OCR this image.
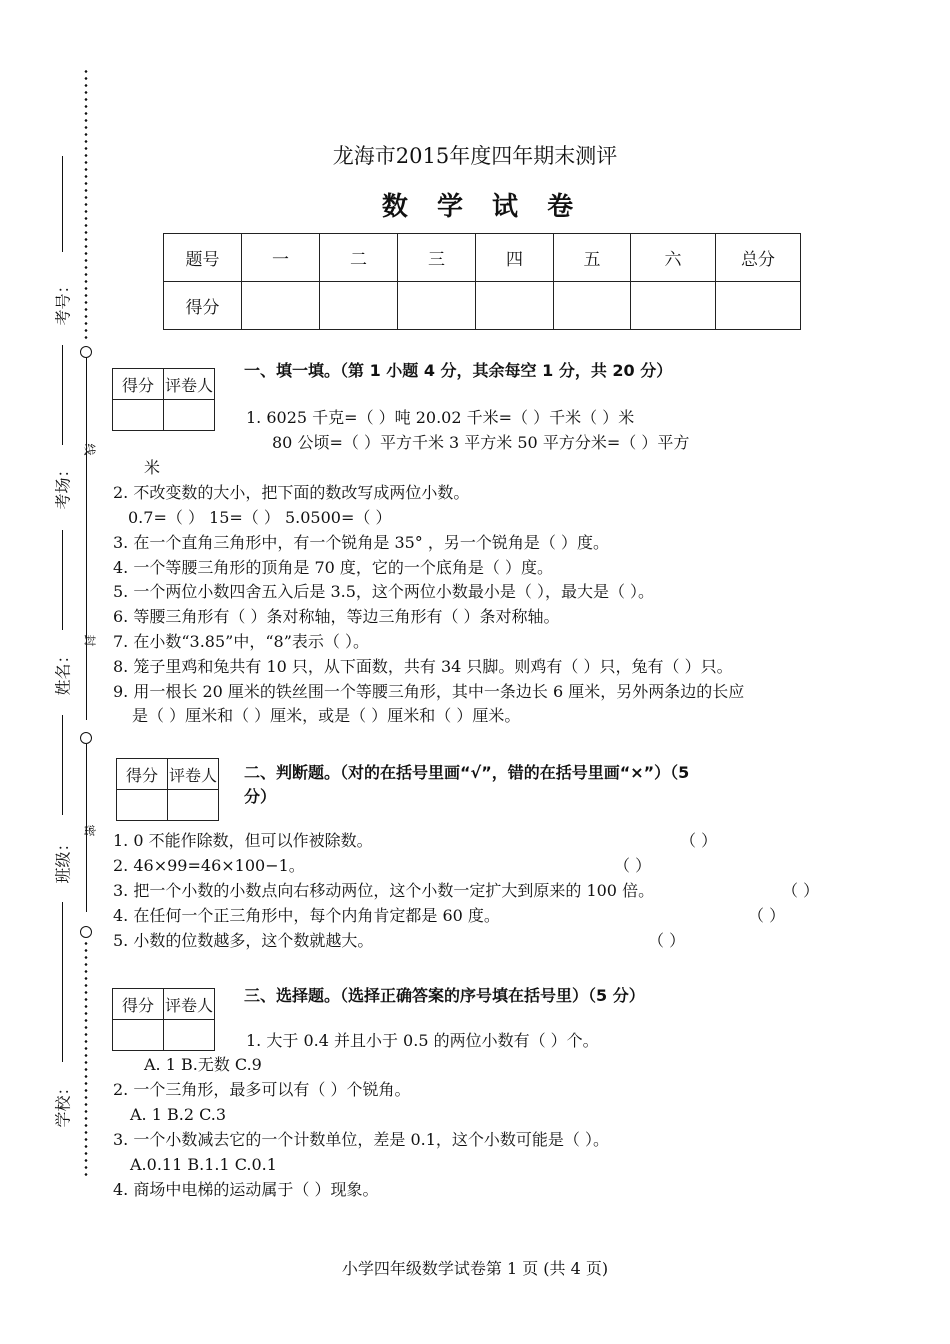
线
封
密
考号：
考场：
姓名：
班级：
学校：
龙海市2015年度四年期末测评
数 学 试 卷
题号	一	二	三	四	五	六	总分
得分							
得分	评卷人

一、填一填。（第 1 小题 4 分，其余每空 1 分，共 20 分）
1. 6025 千克=（ ）吨 20.02 千米=（ ）千米（ ）米
80 公顷=（ ）平方千米 3 平方米 50 平方分米=（ ）平方
米
2. 不改变数的大小，把下面的数改写成两位小数。
0.7=（ ） 15=（ ） 5.0500=（ ）
3. 在一个直角三角形中，有一个锐角是 35° ，另一个锐角是（ ）度。
4. 一个等腰三角形的顶角是 70 度，它的一个底角是（ ）度。
5. 一个两位小数四舍五入后是 3.5，这个两位小数最小是（ ），最大是（ ）。
6. 等腰三角形有（ ）条对称轴，等边三角形有（ ）条对称轴。
7. 在小数“3.85”中，“8”表示（ ）。
8. 笼子里鸡和兔共有 10 只，从下面数，共有 34 只脚。则鸡有（ ）只，兔有（ ）只。
9. 用一根长 20 厘米的铁丝围一个等腰三角形，其中一条边长 6 厘米，另外两条边的长应
是（ ）厘米和（ ）厘米，或是（ ）厘米和（ ）厘米。
得分	评卷人
	二、判断题。（对的在括号里画“√”，错的在括号里画“×”）（5
分）
1. 0 不能作除数，但可以作被除数。	（ ）
2. 46×99=46×100−1。	（ ）
3. 把一个小数的小数点向右移动两位，这个小数一定扩大到原来的 100 倍。	（ ）
4. 在任何一个正三角形中，每个内角肯定都是 60 度。	（ ）
5. 小数的位数越多，这个数就越大。	（ ）
得分	评卷人
	三、选择题。（选择正确答案的序号填在括号里）（5 分）
1. 大于 0.4 并且小于 0.5 的两位小数有（ ）个。
A. 1 B.无数 C.9
2. 一个三角形，最多可以有（ ）个锐角。
A. 1 B.2 C.3
3. 一个小数减去它的一个计数单位，差是 0.1，这个小数可能是（ ）。
A.0.11 B.1.1 C.0.1
4. 商场中电梯的运动属于（ ）现象。
小学四年级数学试卷第 1 页 (共 4 页)
